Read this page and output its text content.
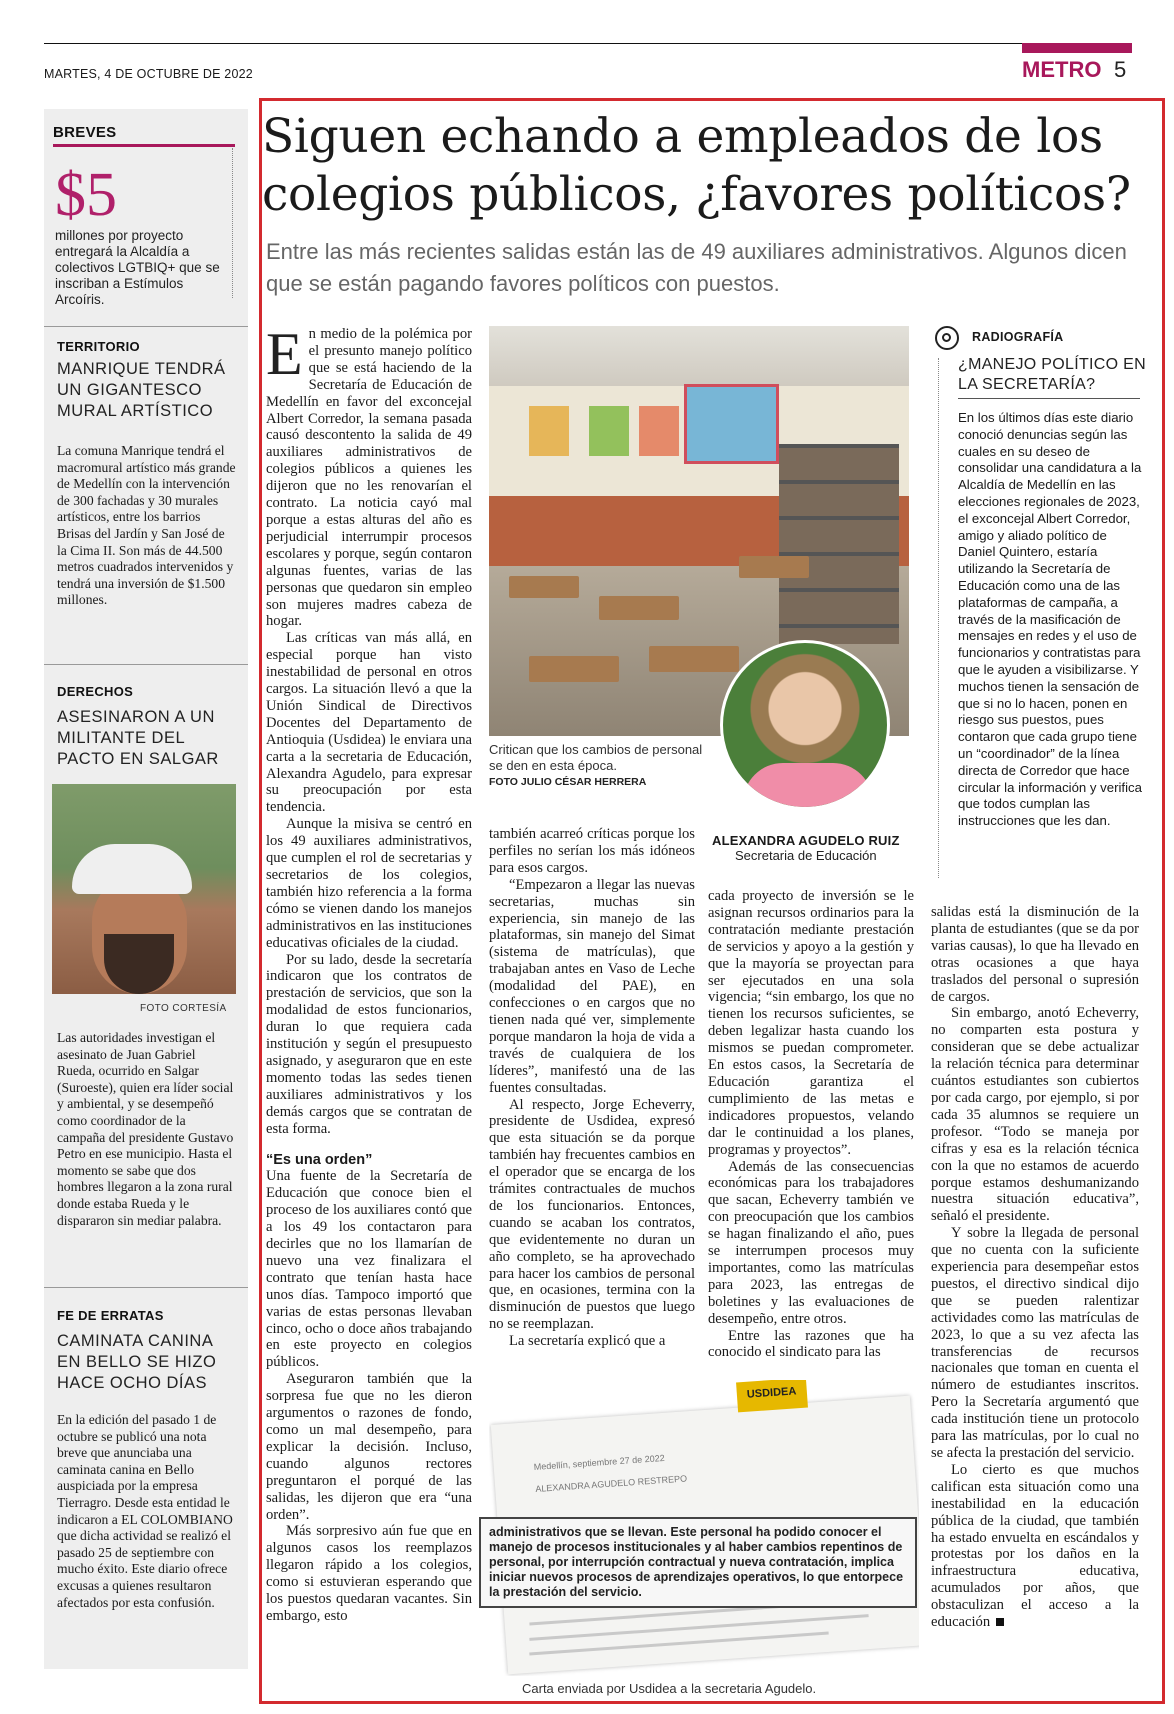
MARTES, 4 DE OCTUBRE DE 2022	METRO 5
BREVES
$5
millones por proyecto entregará la Alcaldía a colectivos LGTBIQ+ que se inscriban a Estímulos Arcoíris.
TERRITORIO
MANRIQUE TENDRÁ UN GIGANTESCO MURAL ARTÍSTICO
La comuna Manrique tendrá el macromural artístico más grande de Medellín con la intervención de 300 fachadas y 30 murales artísticos, entre los barrios Brisas del Jardín y San José de la Cima II. Son más de 44.500 metros cuadrados intervenidos y tendrá una inversión de $1.500 millones.
DERECHOS
ASESINARON A UN MILITANTE DEL PACTO EN SALGAR
FOTO CORTESÍA
Las autoridades investigan el asesinato de Juan Gabriel Rueda, ocurrido en Salgar (Suroeste), quien era líder social y ambiental, y se desempeñó como coordinador de la campaña del presidente Gustavo Petro en ese municipio. Hasta el momento se sabe que dos hombres llegaron a la zona rural donde estaba Rueda y le dispararon sin mediar palabra.
FE DE ERRATAS
CAMINATA CANINA EN BELLO SE HIZO HACE OCHO DÍAS
En la edición del pasado 1 de octubre se publicó una nota breve que anunciaba una caminata canina en Bello auspiciada por la empresa Tierragro. Desde esta entidad le indicaron a EL COLOMBIANO que dicha actividad se realizó el pasado 25 de septiembre con mucho éxito. Este diario ofrece excusas a quienes resultaron afectados por esta confusión.
Siguen echando a empleados de los colegios públicos, ¿favores políticos?
Entre las más recientes salidas están las de 49 auxiliares administrativos. Algunos dicen que se están pagando favores políticos con puestos.
E n medio de la polémica por el presunto manejo político que se está haciendo de la Secretaría de Educación de Medellín en favor del exconcejal Albert Corredor, la semana pasada causó descontento la salida de 49 auxiliares administrativos de colegios públicos a quienes les dijeron que no les renovarían el contrato. La noticia cayó mal porque a estas alturas del año es perjudicial interrumpir procesos escolares y porque, según contaron algunas fuentes, varias de las personas que quedaron sin empleo son mujeres madres cabeza de hogar.

Las críticas van más allá, en especial porque han visto inestabilidad de personal en otros cargos. La situación llevó a que la Unión Sindical de Directivos Docentes del Departamento de Antioquia (Usdidea) le enviara una carta a la secretaria de Educación, Alexandra Agudelo, para expresar su preocupación por esta tendencia.

Aunque la misiva se centró en los 49 auxiliares administrativos, que cumplen el rol de secretarias y secretarios de los colegios, también hizo referencia a la forma cómo se vienen dando los manejos administrativos en las instituciones educativas oficiales de la ciudad.

Por su lado, desde la secretaría indicaron que los contratos de prestación de servicios, que son la modalidad de estos funcionarios, duran lo que requiera cada institución y según el presupuesto asignado, y aseguraron que en este momento todas las sedes tienen auxiliares administrativos y los demás cargos que se contratan de esta forma.

“Es una orden”

Una fuente de la Secretaría de Educación que conoce bien el proceso de los auxiliares contó que a los 49 los contactaron para decirles que no los llamarían de nuevo una vez finalizara el contrato que tenían hasta hace unos días. Tampoco importó que varias de estas personas llevaban cinco, ocho o doce años trabajando en este proyecto en colegios públicos.

Aseguraron también que la sorpresa fue que no les dieron argumentos o razones de fondo, como un mal desempeño, para explicar la decisión. Incluso, cuando algunos rectores preguntaron el porqué de las salidas, les dijeron que era “una orden”.

Más sorpresivo aún fue que en algunos casos los reemplazos llegaron rápido a los colegios, como si estuvieran esperando que los puestos quedaran vacantes. Sin embargo, esto

Critican que los cambios de personal se den en esta época.
FOTO JULIO CÉSAR HERRERA
ALEXANDRA AGUDELO RUIZ
Secretaria de Educación
RADIOGRAFÍA
¿MANEJO POLÍTICO EN LA SECRETARÍA?
En los últimos días este diario conoció denuncias según las cuales en su deseo de consolidar una candidatura a la Alcaldía de Medellín en las elecciones regionales de 2023, el exconcejal Albert Corredor, amigo y aliado político de Daniel Quintero, estaría utilizando la Secretaría de Educación como una de las plataformas de campaña, a través de la masificación de mensajes en redes y el uso de funcionarios y contratistas para que le ayuden a visibilizarse. Y muchos tienen la sensación de que si no lo hacen, ponen en riesgo sus puestos, pues contaron que cada grupo tiene un “coordinador” de la línea directa de Corredor que hace circular la información y verifica que todos cumplan las instrucciones que les dan.

también acarreó críticas porque los perfiles no serían los más idóneos para esos cargos.

“Empezaron a llegar las nuevas secretarias, muchas sin experiencia, sin manejo de las plataformas, sin manejo del Simat (sistema de matrículas), que trabajaban antes en Vaso de Leche (modalidad del PAE), en confecciones o en cargos que no tienen nada qué ver, simplemente porque mandaron la hoja de vida a través de cualquiera de los líderes”, manifestó una de las fuentes consultadas.

Al respecto, Jorge Echeverry, presidente de Usdidea, expresó que esta situación se da porque también hay frecuentes cambios en el operador que se encarga de los trámites contractuales de muchos de los funcionarios. Entonces, cuando se acaban los contratos, que evidentemente no duran un año completo, se ha aprovechado para hacer los cambios de personal que, en ocasiones, termina con la disminución de puestos que luego no se reemplazan.

La secretaría explicó que a

cada proyecto de inversión se le asignan recursos ordinarios para la contratación mediante prestación de servicios y apoyo a la gestión y que la mayoría se proyectan para ser ejecutados en una sola vigencia; “sin embargo, los que no tienen los recursos suficientes, se deben legalizar hasta cuando los mismos se puedan comprometer. En estos casos, la Secretaría de Educación garantiza el cumplimiento de las metas e indicadores propuestos, velando dar le continuidad a los planes, programas y proyectos”.

Además de las consecuencias económicas para los trabajadores que sacan, Echeverry también ve con preocupación que los cambios se hagan finalizando el año, pues se interrumpen procesos muy importantes, como las matrículas para 2023, las entregas de boletines y las evaluaciones de desempeño, entre otros.

Entre las razones que ha conocido el sindicato para las

salidas está la disminución de la planta de estudiantes (que se da por varias causas), lo que ha llevado en otras ocasiones a que haya traslados del personal o supresión de cargos.

Sin embargo, anotó Echeverry, no comparten esta postura y consideran que se debe actualizar la relación técnica para determinar cuántos estudiantes son cubiertos por cada cargo, por ejemplo, si por cada 35 alumnos se requiere un profesor. “Todo se maneja por cifras y esa es la relación técnica con la que no estamos de acuerdo porque estamos deshumanizando nuestra situación educativa”, señaló el presidente.

Y sobre la llegada de personal que no cuenta con la suficiente experiencia para desempeñar estos puestos, el directivo sindical dijo que se pueden ralentizar actividades como las matrículas de 2023, lo que a su vez afecta las transferencias de recursos nacionales que toman en cuenta el número de estudiantes inscritos. Pero la Secretaría argumentó que cada institución tiene un protocolo para las matrículas, por lo cual no se afecta la prestación del servicio.

Lo cierto es que muchos califican esta situación como una inestabilidad en la educación pública de la ciudad, que también ha estado envuelta en escándalos y protestas por los daños en la infraestructura educativa, acumulados por años, que obstaculizan el acceso a la educación

Medellín, septiembre 27 de 2022
ALEXANDRA AGUDELO RESTREPO
USDIDEA
administrativos que se llevan. Este personal ha podido conocer el manejo de procesos institucionales y al haber cambios repentinos de personal, por interrupción contractual y nueva contratación, implica iniciar nuevos procesos de aprendizajes operativos, lo que entorpece la prestación del servicio.
Carta enviada por Usdidea a la secretaria Agudelo.
